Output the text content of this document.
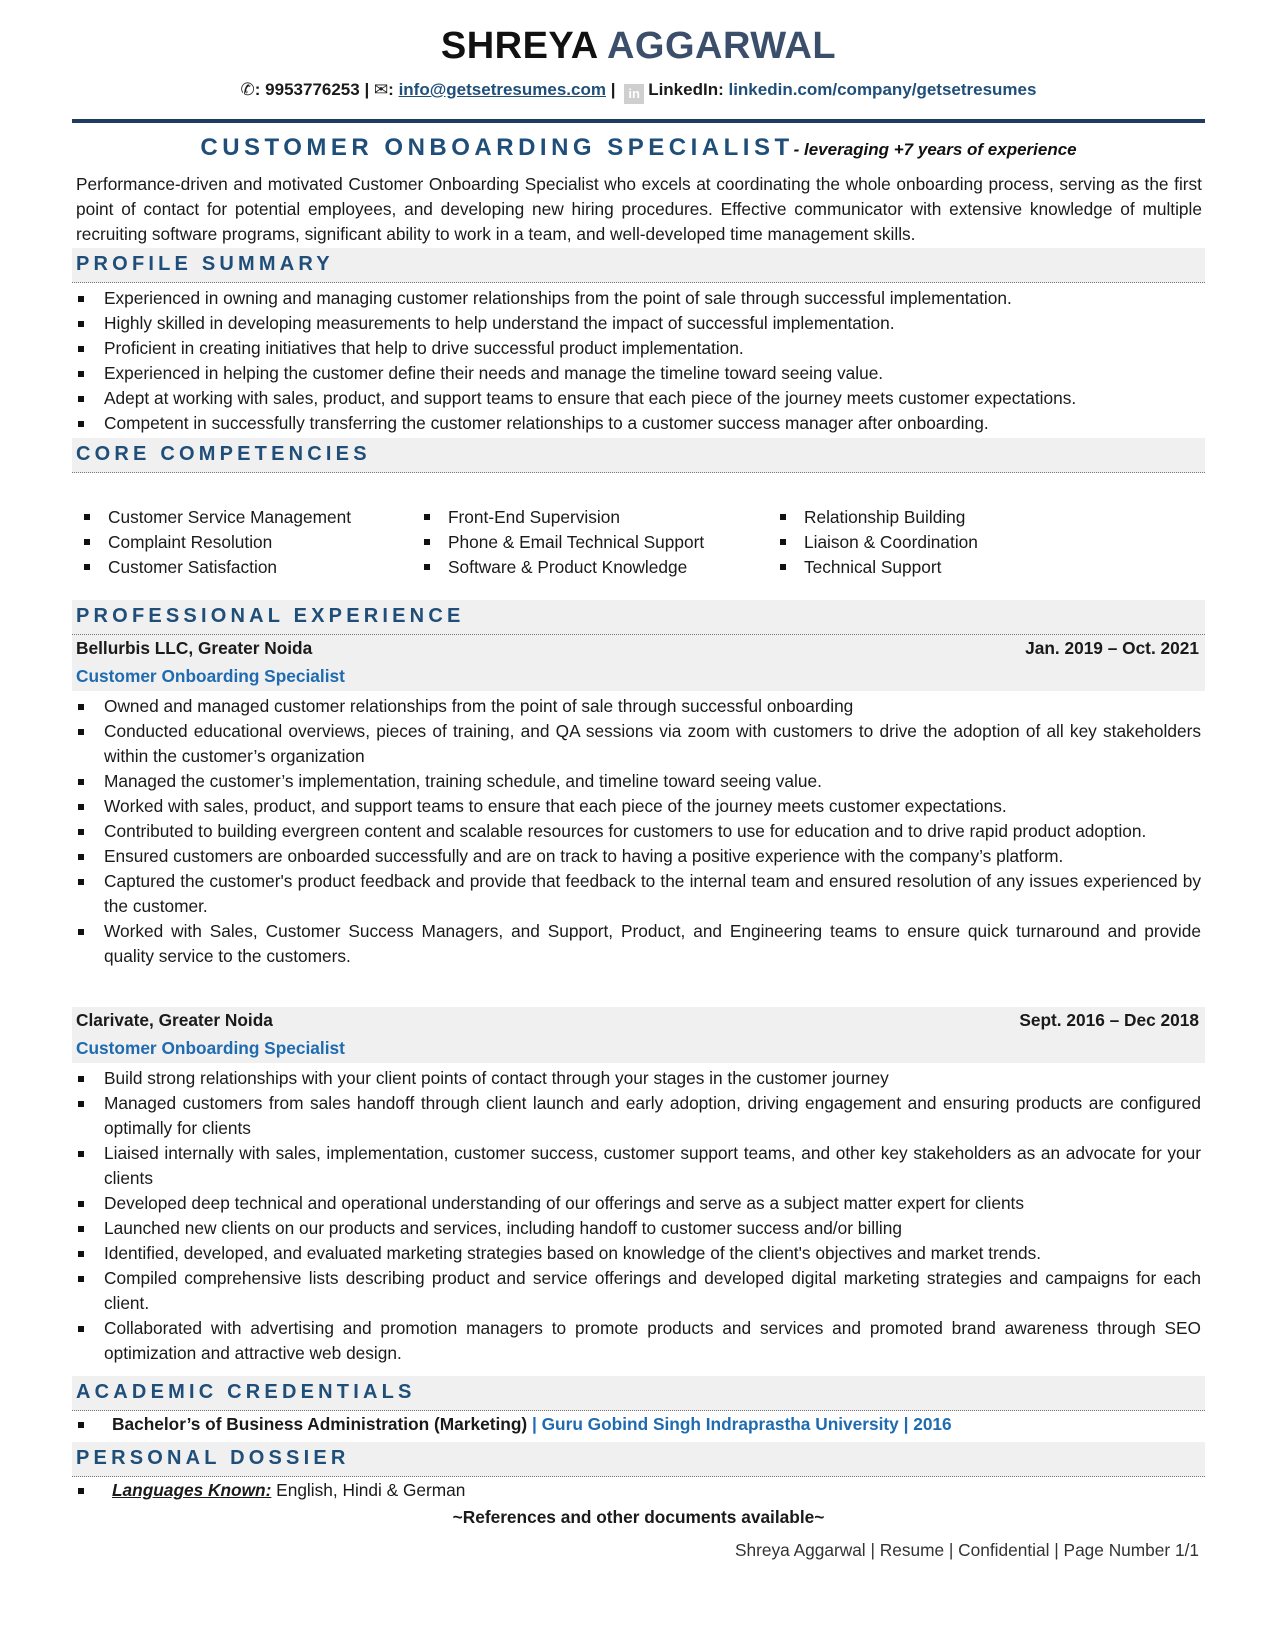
SHREYA AGGARWAL
✆: 9953776253 | ✉: info@getsetresumes.com | in LinkedIn: linkedin.com/company/getsetresumes
CUSTOMER ONBOARDING SPECIALIST- leveraging +7 years of experience

Performance-driven and motivated Customer Onboarding Specialist who excels at coordinating the whole onboarding process, serving as the first point of contact for potential employees, and developing new hiring procedures. Effective communicator with extensive knowledge of multiple recruiting software programs, significant ability to work in a team, and well-developed time management skills.

PROFILE SUMMARY
Experienced in owning and managing customer relationships from the point of sale through successful implementation.
Highly skilled in developing measurements to help understand the impact of successful implementation.
Proficient in creating initiatives that help to drive successful product implementation.
Experienced in helping the customer define their needs and manage the timeline toward seeing value.
Adept at working with sales, product, and support teams to ensure that each piece of the journey meets customer expectations.
Competent in successfully transferring the customer relationships to a customer success manager after onboarding.
CORE COMPETENCIES
Customer Service Management
Complaint Resolution
Customer Satisfaction
Front-End Supervision
Phone & Email Technical Support
Software & Product Knowledge
Relationship Building
Liaison & Coordination
Technical Support
PROFESSIONAL EXPERIENCE
Bellurbis LLC, Greater Noida	Jan. 2019 – Oct. 2021
Customer Onboarding Specialist
Owned and managed customer relationships from the point of sale through successful onboarding
Conducted educational overviews, pieces of training, and QA sessions via zoom with customers to drive the adoption of all key stakeholders within the customer’s organization
Managed the customer’s implementation, training schedule, and timeline toward seeing value.
Worked with sales, product, and support teams to ensure that each piece of the journey meets customer expectations.
Contributed to building evergreen content and scalable resources for customers to use for education and to drive rapid product adoption.
Ensured customers are onboarded successfully and are on track to having a positive experience with the company’s platform.
Captured the customer's product feedback and provide that feedback to the internal team and ensured resolution of any issues experienced by the customer.
Worked with Sales, Customer Success Managers, and Support, Product, and Engineering teams to ensure quick turnaround and provide quality service to the customers.
Clarivate, Greater Noida	Sept. 2016 – Dec 2018
Customer Onboarding Specialist
Build strong relationships with your client points of contact through your stages in the customer journey
Managed customers from sales handoff through client launch and early adoption, driving engagement and ensuring products are configured optimally for clients
Liaised internally with sales, implementation, customer success, customer support teams, and other key stakeholders as an advocate for your clients
Developed deep technical and operational understanding of our offerings and serve as a subject matter expert for clients
Launched new clients on our products and services, including handoff to customer success and/or billing
Identified, developed, and evaluated marketing strategies based on knowledge of the client's objectives and market trends.
Compiled comprehensive lists describing product and service offerings and developed digital marketing strategies and campaigns for each client.
Collaborated with advertising and promotion managers to promote products and services and promoted brand awareness through SEO optimization and attractive web design.
ACADEMIC CREDENTIALS
Bachelor’s of Business Administration (Marketing) | Guru Gobind Singh Indraprastha University | 2016
PERSONAL DOSSIER
Languages Known: English, Hindi & German
~References and other documents available~
Shreya Aggarwal | Resume | Confidential | Page Number 1/1
